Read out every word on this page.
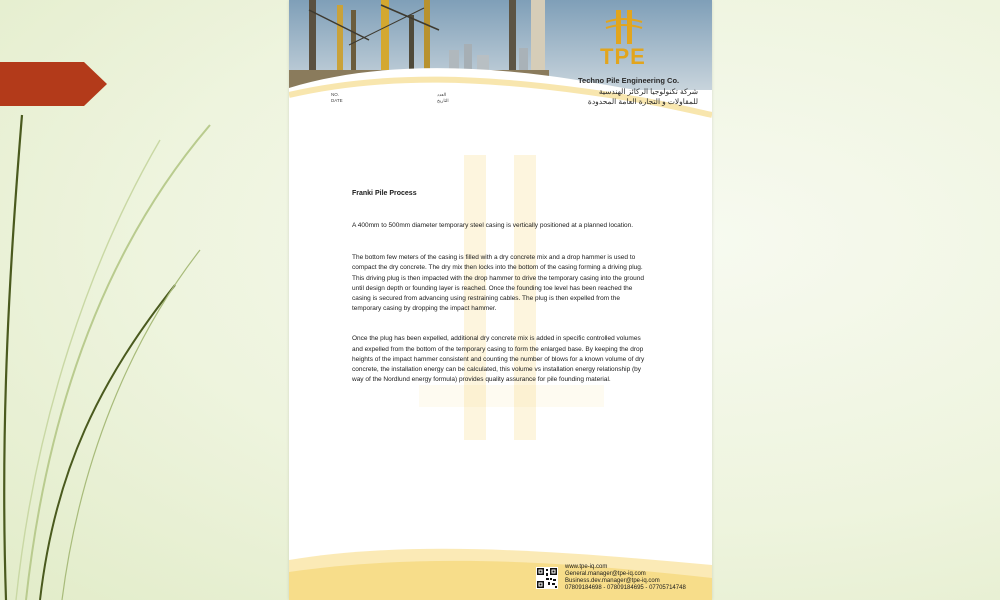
TPE
Techno Pile Engineering Co.
شركة تكنولوجيا الركائز الهندسية
للمقاولات و التجارة العامة المحدودة
NO.
DATE
العدد
التاريخ

Franki Pile Process

A 400mm to 500mm diameter temporary steel casing is vertically positioned at a planned location.

The bottom few meters of the casing is filled with a dry concrete mix and a drop hammer is used to compact the dry concrete. The dry mix then locks into the bottom of the casing forming a driving plug. This driving plug is then impacted with the drop hammer to drive the temporary casing into the ground until design depth or founding layer is reached. Once the founding toe level has been reached the casing is secured from advancing using restraining cables. The plug is then expelled from the temporary casing by dropping the impact hammer.

Once the plug has been expelled, additional dry concrete mix is added in specific controlled volumes and expelled from the bottom of the temporary casing to form the enlarged base. By keeping the drop heights of the impact hammer consistent and counting the number of blows for a known volume of dry concrete, the installation energy can be calculated, this volume vs installation energy relationship (by way of the Nordlund energy formula) provides quality assurance for pile founding material.

www.tpe-iq.com
General.manager@tpe-iq.com
Business.dev.manager@tpe-iq.com
07809184698 - 07809184695 - 07705714748
